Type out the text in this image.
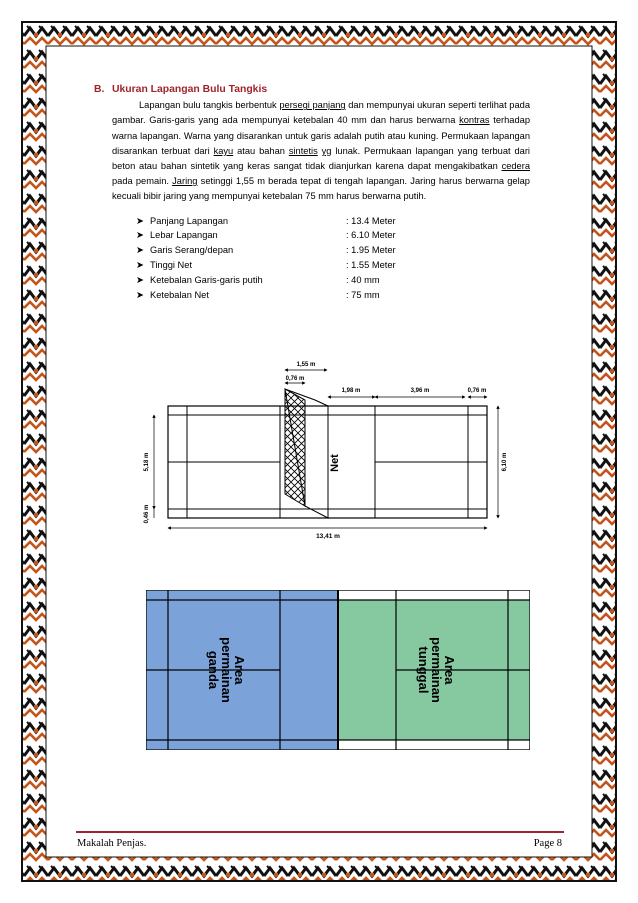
B. Ukuran Lapangan Bulu Tangkis
Lapangan bulu tangkis berbentuk persegi panjang dan mempunyai ukuran seperti terlihat pada gambar. Garis-garis yang ada mempunyai ketebalan 40 mm dan harus berwarna kontras terhadap warna lapangan. Warna yang disarankan untuk garis adalah putih atau kuning. Permukaan lapangan disarankan terbuat dari kayu atau bahan sintetis yg lunak. Permukaan lapangan yang terbuat dari beton atau bahan sintetik yang keras sangat tidak dianjurkan karena dapat mengakibatkan cedera pada pemain. Jaring setinggi 1,55 m berada tepat di tengah lapangan. Jaring harus berwarna gelap kecuali bibir jaring yang mempunyai ketebalan 75 mm harus berwarna putih.
➤ Panjang Lapangan	: 13.4 Meter
➤ Lebar Lapangan	: 6.10 Meter
➤ Garis Serang/depan	: 1.95 Meter
➤ Tinggi Net	: 1.55 Meter
➤ Ketebalan Garis-garis putih	: 40 mm
➤ Ketebalan Net	: 75 mm
Net
1,55 m
0,76 m
1,98 m	3,96 m	0,76 m
5,18 m
0,46 m
6,10 m
13,41 m
Area
permainan
ganda	Area
permainan
tunggal
Makalah Penjas.	Page 8
